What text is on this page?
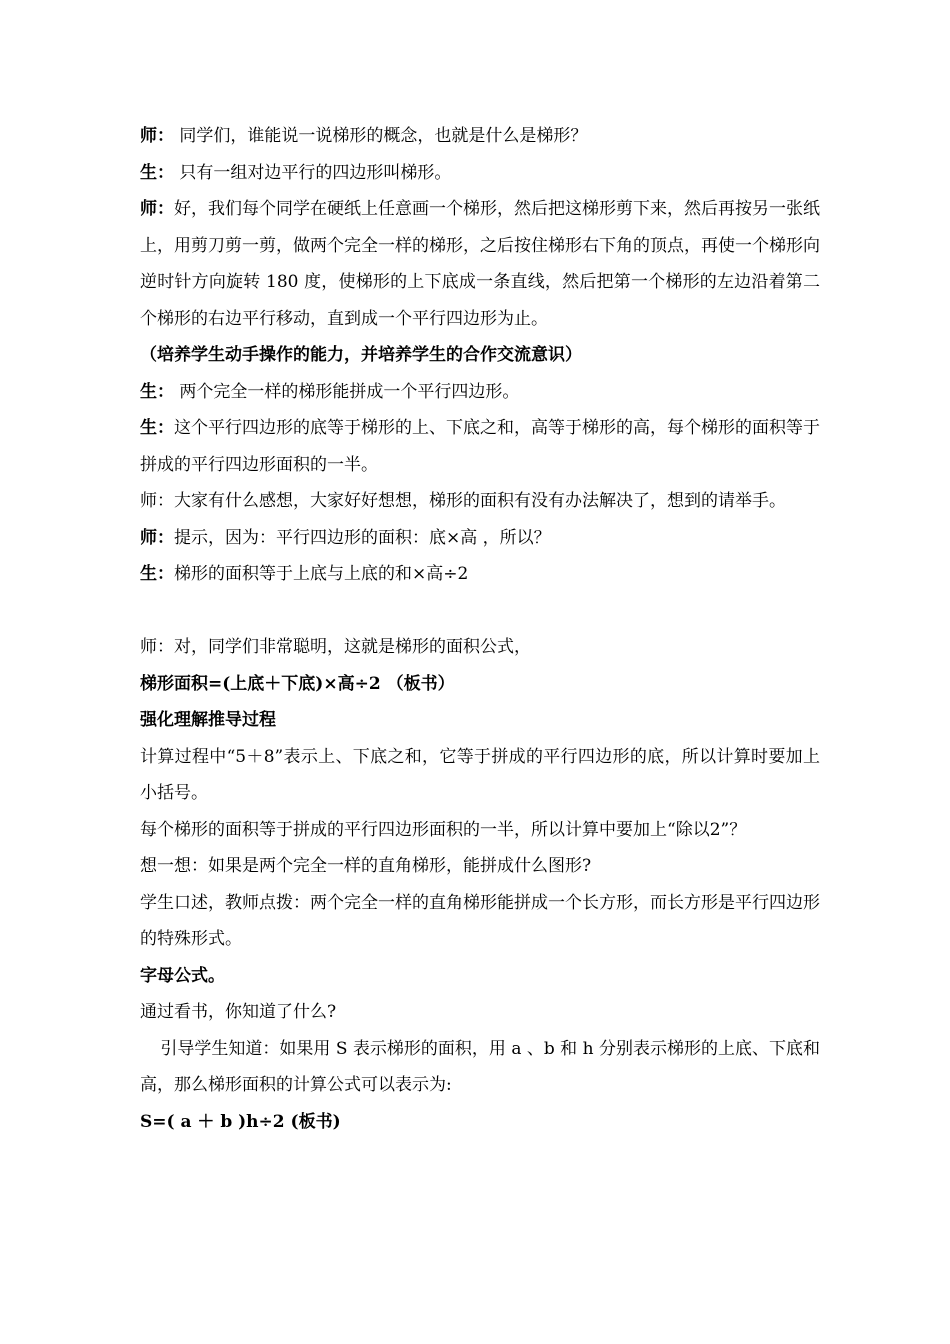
师： 同学们，谁能说一说梯形的概念，也就是什么是梯形？

生： 只有一组对边平行的四边形叫梯形。

师：好，我们每个同学在硬纸上任意画一个梯形，然后把这梯形剪下来，然后再按另一张纸上，用剪刀剪一剪，做两个完全一样的梯形，之后按住梯形右下角的顶点，再使一个梯形向逆时针方向旋转 180 度，使梯形的上下底成一条直线，然后把第一个梯形的左边沿着第二个梯形的右边平行移动，直到成一个平行四边形为止。

（培养学生动手操作的能力，并培养学生的合作交流意识）

生： 两个完全一样的梯形能拼成一个平行四边形。

生：这个平行四边形的底等于梯形的上、下底之和，高等于梯形的高，每个梯形的面积等于拼成的平行四边形面积的一半。

师：大家有什么感想，大家好好想想，梯形的面积有没有办法解决了，想到的请举手。

师：提示，因为：平行四边形的面积：底×高 ，所以？

生：梯形的面积等于上底与上底的和×高÷2

师：对，同学们非常聪明，这就是梯形的面积公式，

梯形面积=(上底＋下底)×高÷2 （板书）

强化理解推导过程

计算过程中“5＋8”表示上、下底之和，它等于拼成的平行四边形的底，所以计算时要加上小括号。

每个梯形的面积等于拼成的平行四边形面积的一半，所以计算中要加上“除以2”？

想一想：如果是两个完全一样的直角梯形，能拼成什么图形?

学生口述，教师点拨：两个完全一样的直角梯形能拼成一个长方形，而长方形是平行四边形的特殊形式。

字母公式。

通过看书，你知道了什么?

引导学生知道：如果用 S 表示梯形的面积，用 a 、b 和 h 分别表示梯形的上底、下底和高，那么梯形面积的计算公式可以表示为:

S=( a ＋ b )h÷2 (板书)
